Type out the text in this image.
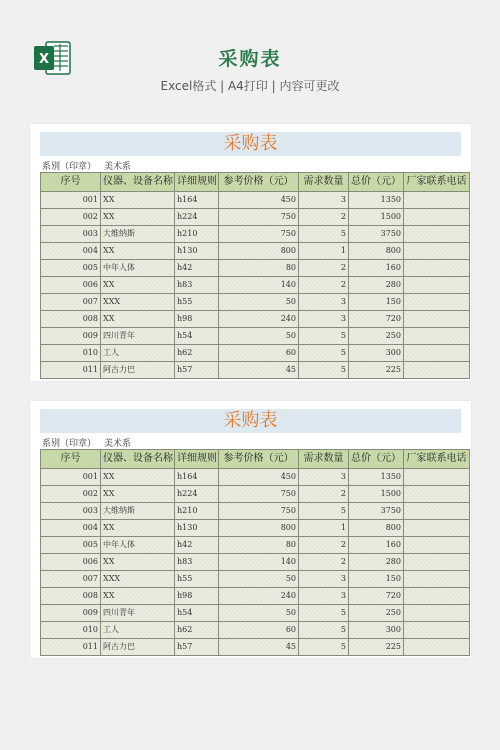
X	采购表
Excel格式 | A4打印 | 内容可更改
采购表
系别（印章） 美术系
序号	仪器、设备名称	详细规则	参考价格（元）	需求数量	总价（元）	厂家联系电话
001	XX	h164	450	3	1350	
002	XX	h224	750	2	1500	
003	大维纳斯	h210	750	5	3750	
004	XX	h130	800	1	800	
005	中年人体	h42	80	2	160	
006	XX	h83	140	2	280	
007	XXX	h55	50	3	150	
008	XX	h98	240	3	720	
009	四川青年	h54	50	5	250	
010	工人	h62	60	5	300	
011	阿古力巴	h57	45	5	225	
采购表
系别（印章） 美术系
序号	仪器、设备名称	详细规则	参考价格（元）	需求数量	总价（元）	厂家联系电话
001	XX	h164	450	3	1350	
002	XX	h224	750	2	1500	
003	大维纳斯	h210	750	5	3750	
004	XX	h130	800	1	800	
005	中年人体	h42	80	2	160	
006	XX	h83	140	2	280	
007	XXX	h55	50	3	150	
008	XX	h98	240	3	720	
009	四川青年	h54	50	5	250	
010	工人	h62	60	5	300	
011	阿古力巴	h57	45	5	225	
